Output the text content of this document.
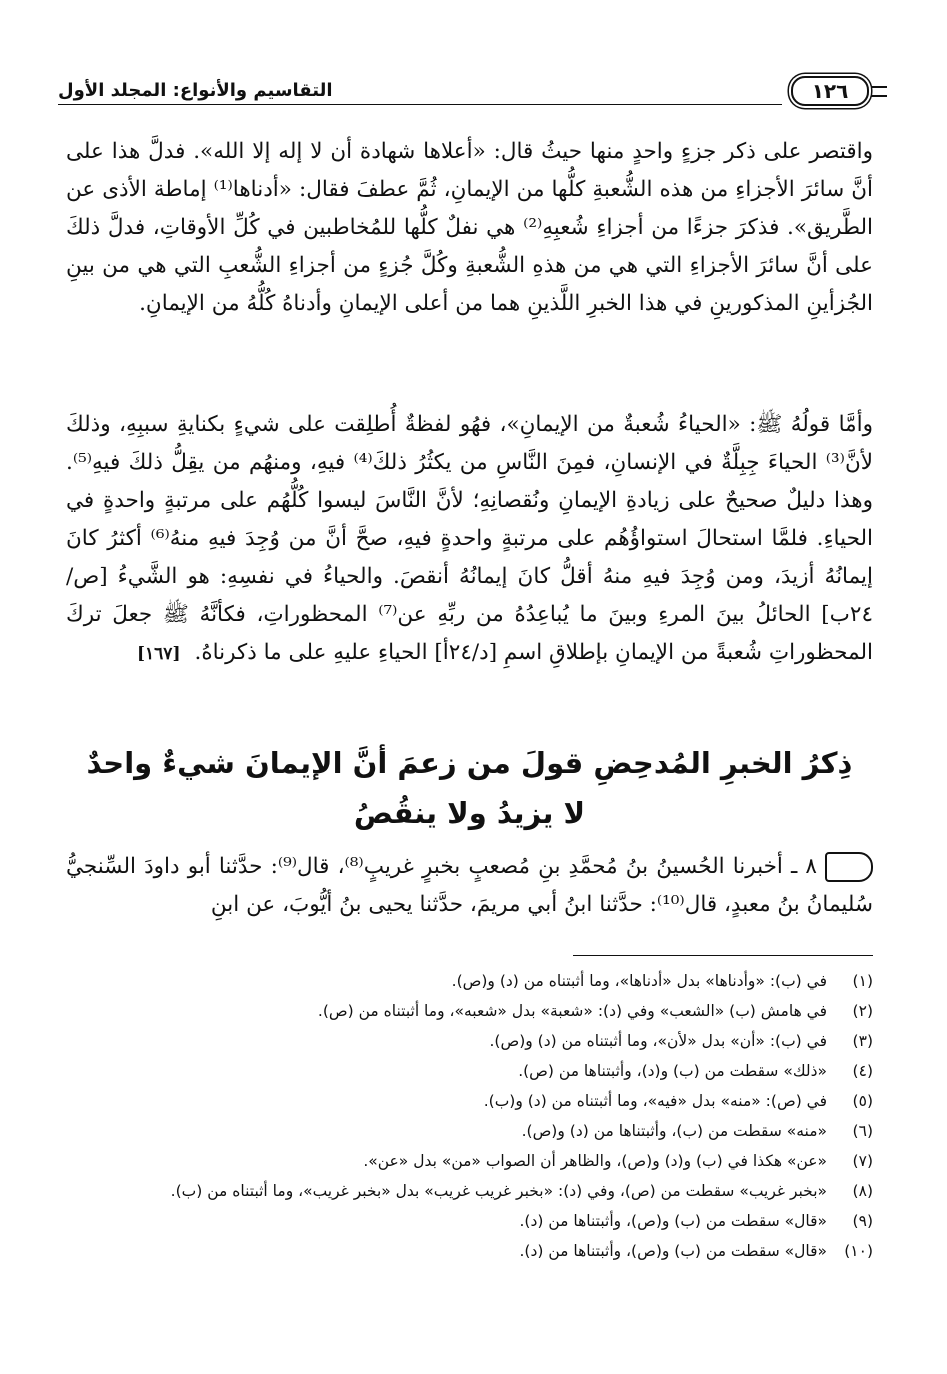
التقاسيم والأنواع: المجلد الأول	١٢٦

واقتصر على ذكر جزءٍ واحدٍ منها حيثُ قال: «أعلاها شهادة أن لا إله إلا الله». فدلَّ هذا على أنَّ سائرَ الأجزاءِ من هذه الشُّعبةِ كلُّها من الإيمانِ، ثُمَّ عطفَ فقال: «أدناها⁽¹⁾ إماطة الأذى عن الطَّريق». فذكرَ جزءًا من أجزاءِ شُعبِهِ⁽²⁾ هي نفلٌ كلُّها للمُخاطبين في كُلِّ الأوقاتِ، فدلَّ ذلكَ على أنَّ سائرَ الأجزاءِ التي هي من هذهِ الشُّعبةِ وكُلَّ جُزءٍ من أجزاءِ الشُّعبِ التي هي من بينِ الجُزأينِ المذكورينِ في هذا الخبرِ اللَّذينِ هما من أعلى الإيمانِ وأدناهُ كُلُّهُ من الإيمانِ.

وأمَّا قولُهُ ﷺ: «الحياءُ شُعبةٌ من الإيمانِ»، فهُو لفظةٌ أُطلِقت على شيءٍ بكنايةِ سببِهِ، وذلكَ لأنَّ⁽³⁾ الحياءَ جِبِلَّةٌ في الإنسانِ، فمِنَ النَّاسِ من يكثُرُ ذلكَ⁽⁴⁾ فيهِ، ومنهُم من يقِلُّ ذلكَ فيهِ⁽⁵⁾. وهذا دليلٌ صحيحٌ على زيادةِ الإيمانِ ونُقصانِهِ؛ لأنَّ النَّاسَ ليسوا كُلُّهُم على مرتبةٍ واحدةٍ في الحياءِ. فلمَّا استحالَ استواؤُهُم على مرتبةٍ واحدةٍ فيهِ، صحَّ أنَّ من وُجِدَ فيهِ منهُ⁽⁶⁾ أكثرُ كانَ إيمانُهُ أزيدَ، ومن وُجِدَ فيهِ منهُ أقلُّ كانَ إيمانُهُ أنقصَ. والحياءُ في نفسِهِ: هو الشَّيءُ [ص/٢٤ب] الحائلُ بينَ المرءِ وبينَ ما يُباعِدُهُ من ربِّهِ عن⁽⁷⁾ المحظوراتِ، فكأنَّهُ ﷺ جعلَ تركَ المحظوراتِ شُعبةً من الإيمانِ بإطلاقِ اسمِ [د/٢٤أ] الحياءِ عليهِ على ما ذكرناهُ.[١٦٧]

ذِكرُ الخبرِ المُدحِضِ قولَ من زعمَ أنَّ الإيمانَ شيءٌ واحدٌ
لا يزيدُ ولا ينقُصُ

٨ ـ أخبرنا الحُسينُ بنُ مُحمَّدِ بنِ مُصعبٍ بخبرٍ غريبٍ⁽⁸⁾، قال⁽⁹⁾: حدَّثنا أبو داودَ السِّنجيُّ سُليمانُ بنُ معبدٍ، قال⁽¹⁰⁾: حدَّثنا ابنُ أبي مريمَ، حدَّثنا يحيى بنُ أيُّوبَ، عن ابنِ

(١)
في (ب): «وأدناها» بدل «أدناها»، وما أثبتناه من (د) و(ص).
(٢)
في هامش (ب) «الشعب» وفي (د): «شعبة» بدل «شعبه»، وما أثبتناه من (ص).
(٣)
في (ب): «أن» بدل «لأن»، وما أثبتناه من (د) و(ص).
(٤)
«ذلك» سقطت من (ب) و(د)، وأثبتناها من (ص).
(٥)
في (ص): «منه» بدل «فيه»، وما أثبتناه من (د) و(ب).
(٦)
«منه» سقطت من (ب)، وأثبتناها من (د) و(ص).
(٧)
«عن» هكذا في (ب) و(د) و(ص)، والظاهر أن الصواب «من» بدل «عن».
(٨)
«بخبر غريب» سقطت من (ص)، وفي (د): «بخبر غريب غريب» بدل «بخبر غريب»، وما أثبتناه من (ب).
(٩)
«قال» سقطت من (ب) و(ص)، وأثبتناها من (د).
(١٠)
«قال» سقطت من (ب) و(ص)، وأثبتناها من (د).
